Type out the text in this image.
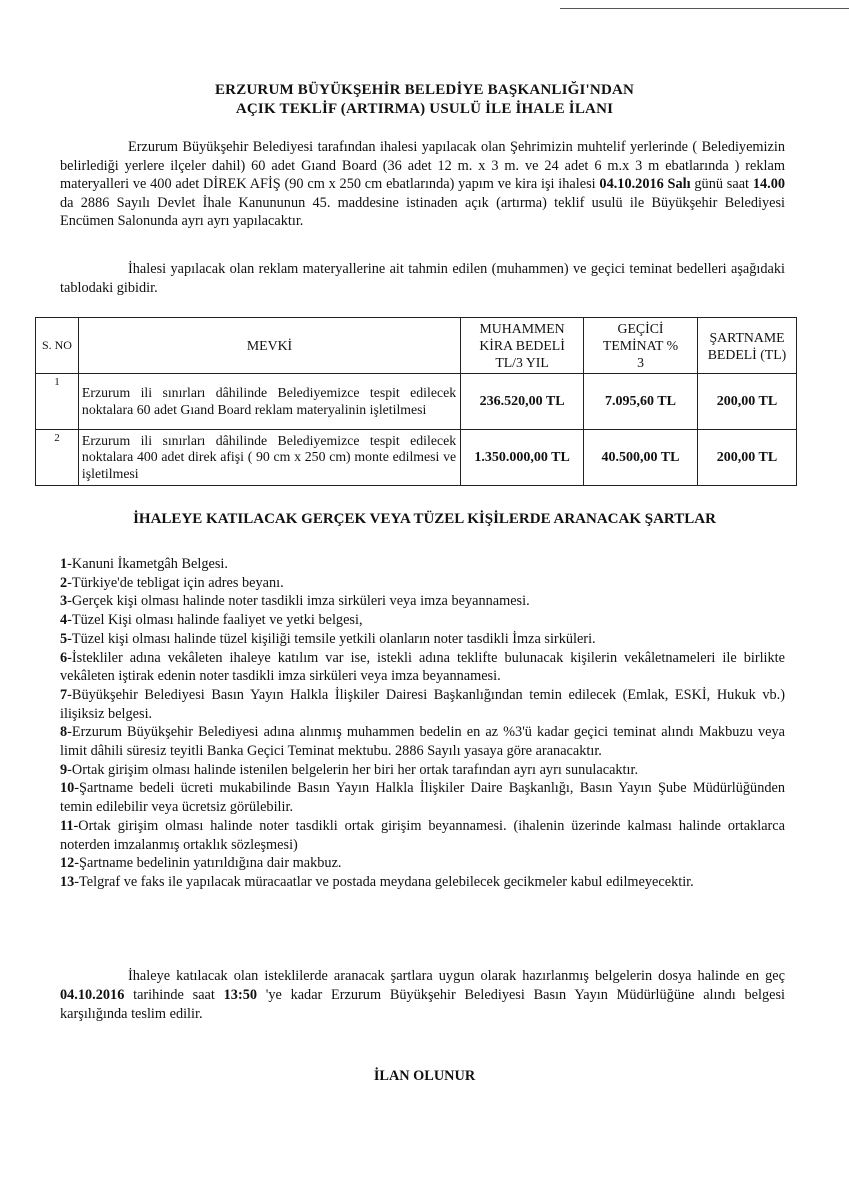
ERZURUM BÜYÜKŞEHİR BELEDİYE BAŞKANLIĞI'NDAN
AÇIK TEKLİF (ARTIRMA) USULÜ İLE İHALE İLANI
Erzurum Büyükşehir Belediyesi tarafından ihalesi yapılacak olan Şehrimizin muhtelif yerlerinde ( Belediyemizin belirlediği yerlere ilçeler dahil) 60 adet Gıand Board (36 adet 12 m. x 3 m. ve 24 adet 6 m.x 3 m ebatlarında ) reklam materyalleri ve 400 adet DİREK AFİŞ (90 cm x 250 cm ebatlarında) yapım ve kira işi ihalesi 04.10.2016 Salı günü saat 14.00 da 2886 Sayılı Devlet İhale Kanununun 45. maddesine istinaden açık (artırma) teklif usulü ile Büyükşehir Belediyesi Encümen Salonunda ayrı ayrı yapılacaktır.
İhalesi yapılacak olan reklam materyallerine ait tahmin edilen (muhammen) ve geçici teminat bedelleri aşağıdaki tablodaki gibidir.
S. NO	MEVKİ	MUHAMMEN KİRA BEDELİ TL/3 YIL	GEÇİCİ TEMİNAT % 3	ŞARTNAME BEDELİ (TL)
1	Erzurum ili sınırları dâhilinde Belediyemizce tespit edilecek noktalara 60 adet Gıand Board reklam materyalinin işletilmesi	236.520,00 TL	7.095,60 TL	200,00 TL
2	Erzurum ili sınırları dâhilinde Belediyemizce tespit edilecek noktalara 400 adet direk afişi ( 90 cm x 250 cm) monte edilmesi ve işletilmesi	1.350.000,00 TL	40.500,00 TL	200,00 TL
İHALEYE KATILACAK GERÇEK VEYA TÜZEL KİŞİLERDE ARANACAK ŞARTLAR
1-Kanuni İkametgâh Belgesi.
2-Türkiye'de tebligat için adres beyanı.
3-Gerçek kişi olması halinde noter tasdikli imza sirküleri veya imza beyannamesi.
4-Tüzel Kişi olması halinde faaliyet ve yetki belgesi,
5-Tüzel kişi olması halinde tüzel kişiliği temsile yetkili olanların noter tasdikli İmza sirküleri.
6-İstekliler adına vekâleten ihaleye katılım var ise, istekli adına teklifte bulunacak kişilerin vekâletnameleri ile birlikte vekâleten iştirak edenin noter tasdikli imza sirküleri veya imza beyannamesi.
7-Büyükşehir Belediyesi Basın Yayın Halkla İlişkiler Dairesi Başkanlığından temin edilecek (Emlak, ESKİ, Hukuk vb.) ilişiksiz belgesi.
8-Erzurum Büyükşehir Belediyesi adına alınmış muhammen bedelin en az %3'ü kadar geçici teminat alındı Makbuzu veya limit dâhili süresiz teyitli Banka Geçici Teminat mektubu. 2886 Sayılı yasaya göre aranacaktır.
9-Ortak girişim olması halinde istenilen belgelerin her biri her ortak tarafından ayrı ayrı sunulacaktır.
10-Şartname bedeli ücreti mukabilinde Basın Yayın Halkla İlişkiler Daire Başkanlığı, Basın Yayın Şube Müdürlüğünden temin edilebilir veya ücretsiz görülebilir.
11-Ortak girişim olması halinde noter tasdikli ortak girişim beyannamesi. (ihalenin üzerinde kalması halinde ortaklarca noterden imzalanmış ortaklık sözleşmesi)
12-Şartname bedelinin yatırıldığına dair makbuz.
13-Telgraf ve faks ile yapılacak müracaatlar ve postada meydana gelebilecek gecikmeler kabul edilmeyecektir.
İhaleye katılacak olan isteklilerde aranacak şartlara uygun olarak hazırlanmış belgelerin dosya halinde en geç 04.10.2016 tarihinde saat 13:50 'ye kadar Erzurum Büyükşehir Belediyesi Basın Yayın Müdürlüğüne alındı belgesi karşılığında teslim edilir.
İLAN OLUNUR
